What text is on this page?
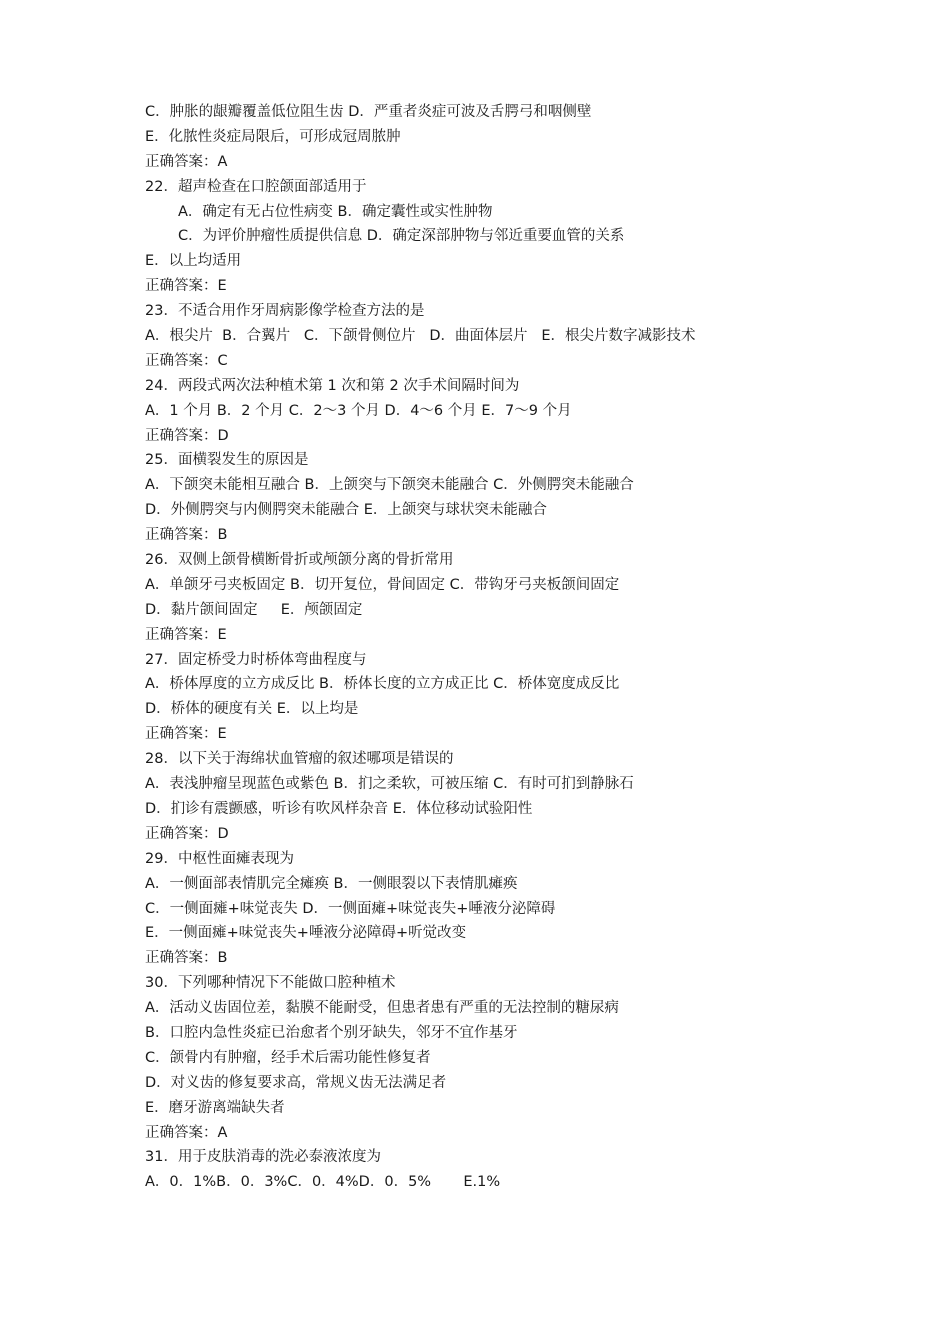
C．肿胀的龈瓣覆盖低位阻生齿 D．严重者炎症可波及舌腭弓和咽侧壁
E．化脓性炎症局限后，可形成冠周脓肿
正确答案：A
22．超声检查在口腔颌面部适用于
A．确定有无占位性病变 B．确定囊性或实性肿物
C．为评价肿瘤性质提供信息 D．确定深部肿物与邻近重要血管的关系
E．以上均适用
正确答案：E
23．不适合用作牙周病影像学检查方法的是
A．根尖片  B．合翼片   C．下颌骨侧位片   D．曲面体层片   E．根尖片数字减影技术
正确答案：C
24．两段式两次法种植术第 1 次和第 2 次手术间隔时间为
A．1 个月 B．2 个月 C．2～3 个月 D．4～6 个月 E．7～9 个月
正确答案：D
25．面横裂发生的原因是
A．下颌突未能相互融合 B．上颌突与下颌突未能融合 C．外侧腭突未能融合
D．外侧腭突与内侧腭突未能融合 E．上颌突与球状突未能融合
正确答案：B
26．双侧上颌骨横断骨折或颅颌分离的骨折常用
A．单颌牙弓夹板固定 B．切开复位，骨间固定 C．带钩牙弓夹板颌间固定
D．黏片颌间固定     E．颅颌固定
正确答案：E
27．固定桥受力时桥体弯曲程度与
A．桥体厚度的立方成反比 B．桥体长度的立方成正比 C．桥体宽度成反比
D．桥体的硬度有关 E．以上均是
正确答案：E
28．以下关于海绵状血管瘤的叙述哪项是错误的
A．表浅肿瘤呈现蓝色或紫色 B．扪之柔软，可被压缩 C．有时可扪到静脉石
D．扪诊有震颤感，听诊有吹风样杂音 E．体位移动试验阳性
正确答案：D
29．中枢性面瘫表现为
A．一侧面部表情肌完全瘫痪 B．一侧眼裂以下表情肌瘫痪
C．一侧面瘫+味觉丧失 D．一侧面瘫+味觉丧失+唾液分泌障碍
E．一侧面瘫+味觉丧失+唾液分泌障碍+听觉改变
正确答案：B
30．下列哪种情况下不能做口腔种植术
A．活动义齿固位差，黏膜不能耐受，但患者患有严重的无法控制的糖尿病
B．口腔内急性炎症已治愈者个别牙缺失，邻牙不宜作基牙
C．颌骨内有肿瘤，经手术后需功能性修复者
D．对义齿的修复要求高，常规义齿无法满足者
E．磨牙游离端缺失者
正确答案：A
31．用于皮肤消毒的洗必泰液浓度为
A．0．1%B．0．3%C．0．4%D．0．5%       E.1%
